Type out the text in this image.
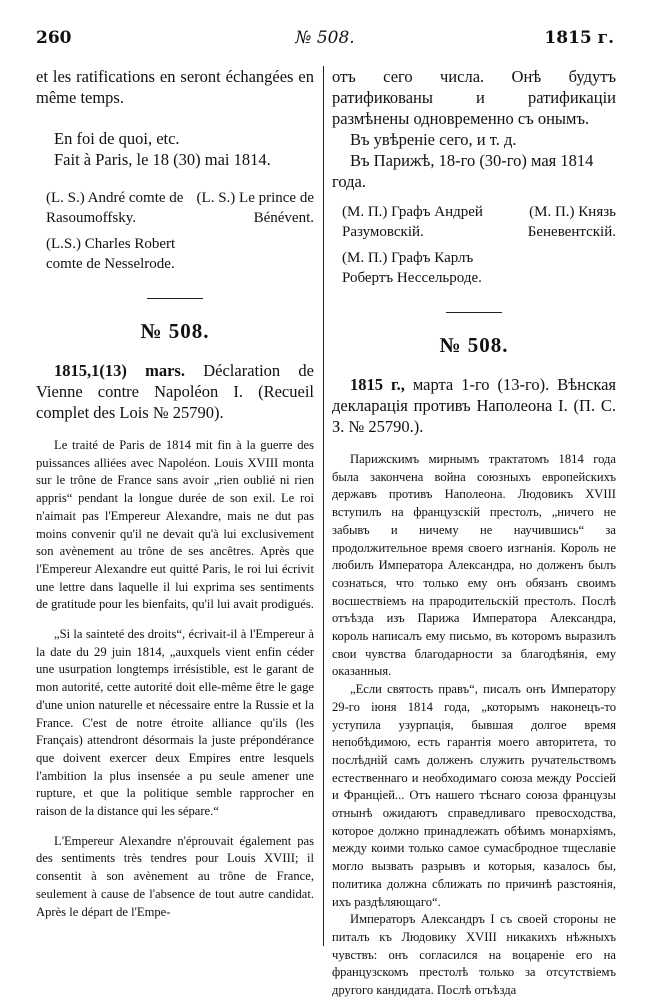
260	№ 508.	1815 г.

et les ratifications en seront échangées en même temps.

En foi de quoi, etc.

Fait à Paris, le 18 (30) mai 1814.

(L. S.) André comte de Rasoumoffsky.
(L. S.) Le prince de Bénévent.
(L.S.) Charles Robert comte de Nesselrode.
№ 508.

1815,1(13) mars. Déclaration de Vienne contre Napoléon I. (Recueil complet des Lois № 25790).

Le traité de Paris de 1814 mit fin à la guerre des puissances alliées avec Napoléon. Louis XVIII monta sur le trône de France sans avoir „rien oublié ni rien appris“ pendant la longue durée de son exil. Le roi n'aimait pas l'Empereur Alexandre, mais ne dut pas moins convenir qu'il ne devait qu'à lui exclusivement son avènement au trône de ses ancêtres. Après que l'Empereur Alexandre eut quitté Paris, le roi lui écrivit une lettre dans laquelle il lui exprima ses sentiments de gratitude pour les bienfaits, qu'il lui avait prodigués.

„Si la sainteté des droits“, écrivait-il à l'Empereur à la date du 29 juin 1814, „auxquels vient enfin céder une usurpation longtemps irrésistible, est le garant de mon autorité, cette autorité doit elle-même être le gage d'une union naturelle et nécessaire entre la Russie et la France. C'est de notre étroite alliance qu'ils (les Français) attendront désormais la juste prépondérance que doivent exercer deux Empires entre lesquels l'ambition la plus insensée a pu seule amener une rupture, et que la politique semble rapprocher en raison de la distance qui les sépare.“

L'Empereur Alexandre n'éprouvait également pas des sentiments très tendres pour Louis XVIII; il consentit à son avènement au trône de France, seulement à cause de l'absence de tout autre candidat. Après le départ de l'Empe-

отъ сего числа. Онѣ будутъ ратификованы и ратификаціи размѣнены одновременно съ онымъ.

Въ увѣреніе сего, и т. д.

Въ Парижѣ, 18-го (30-го) мая 1814 года.

(М. П.) Графъ Андрей Разумовскій.
(М. П.) Князь Беневентскій.
(М. П.) Графъ Карлъ Робертъ Нессельроде.
№ 508.

1815 г., марта 1-го (13-го). Вѣнская декларація противъ Наполеона I. (П. С. З. № 25790.).

Парижскимъ мирнымъ трактатомъ 1814 года была закончена война союзныхъ европейскихъ державъ противъ Наполеона. Людовикъ XVIII вступилъ на французскій престолъ, „ничего не забывъ и ничему не научившись“ за продолжительное время своего изгнанія. Король не любилъ Императора Александра, но долженъ былъ сознаться, что только ему онъ обязанъ своимъ восшествіемъ на прародительскій престолъ. Послѣ отъѣзда изъ Парижа Императора Александра, король написалъ ему письмо, въ которомъ выразилъ свои чувства благодарности за благодѣянія, ему оказанныя.

„Если святость правъ“, писалъ онъ Императору 29-го іюня 1814 года, „которымъ наконецъ-то уступила узурпація, бывшая долгое время непобѣдимою, есть гарантія моего авторитета, то послѣдній самъ долженъ служить ручательствомъ естественнаго и необходимаго союза между Россіей и Франціей... Отъ нашего тѣснаго союза французы отнынѣ ожидаютъ справедливаго превосходства, которое должно принадлежать обѣимъ монархіямъ, между коими только самое сумасбродное тщеславіе могло вызвать разрывъ и которыя, казалось бы, политика должна сближать по причинѣ разстоянія, ихъ раздѣляющаго“.

Императоръ Александръ I съ своей стороны не питалъ къ Людовику XVIII никакихъ нѣжныхъ чувствъ: онъ согласился на воцареніе его на французскомъ престолѣ только за отсутствіемъ другого кандидата. Послѣ отъѣзда
